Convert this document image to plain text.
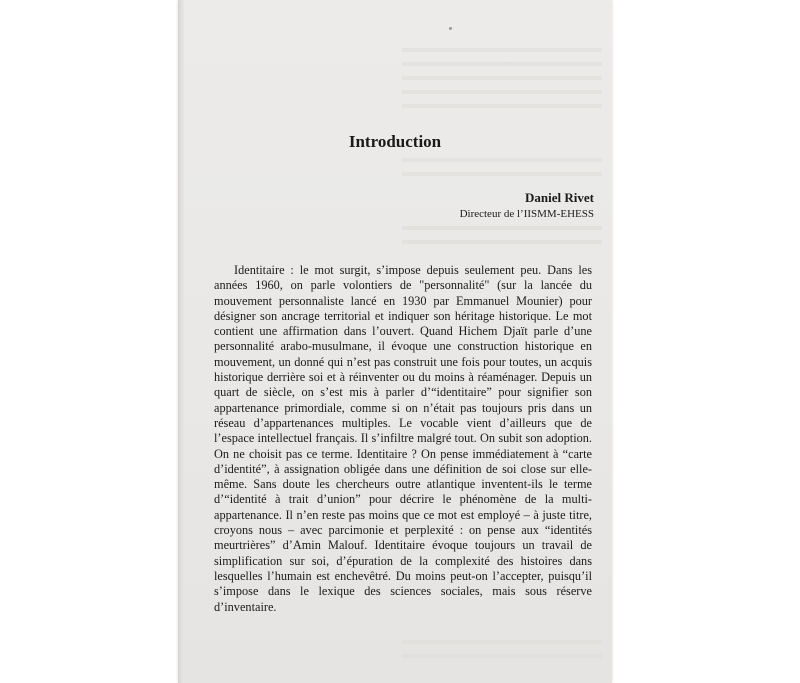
Introduction
Daniel Rivet
Directeur de l’IISMM-EHESS

Identitaire : le mot surgit, s’impose depuis seulement peu. Dans les années 1960, on parle volontiers de "personnalité" (sur la lancée du mouvement personnaliste lancé en 1930 par Emmanuel Mounier) pour désigner son ancrage territorial et indiquer son héritage historique. Le mot contient une affirmation dans l’ouvert. Quand Hichem Djaït parle d’une personnalité arabo-musulmane, il évoque une construction historique en mouvement, un donné qui n’est pas construit une fois pour toutes, un acquis historique derrière soi et à réinventer ou du moins à réaménager. Depuis un quart de siècle, on s’est mis à parler d’“identitaire” pour signifier son appartenance primordiale, comme si on n’était pas toujours pris dans un réseau d’appartenances multiples. Le vocable vient d’ailleurs que de l’espace intellectuel français. Il s’infiltre malgré tout. On subit son adoption. On ne choisit pas ce terme. Identitaire ? On pense immédiatement à “carte d’identité”, à assignation obligée dans une définition de soi close sur elle-même. Sans doute les chercheurs outre atlantique inventent-ils le terme d’“identité à trait d’union” pour décrire le phénomène de la multi-appartenance. Il n’en reste pas moins que ce mot est employé – à juste titre, croyons nous – avec parcimonie et perplexité : on pense aux “identités meurtrières” d’Amin Malouf. Identitaire évoque toujours un travail de simplification sur soi, d’épuration de la complexité des histoires dans lesquelles l’humain est enchevêtré. Du moins peut-on l’accepter, puisqu’il s’impose dans le lexique des sciences sociales, mais sous réserve d’inventaire.
